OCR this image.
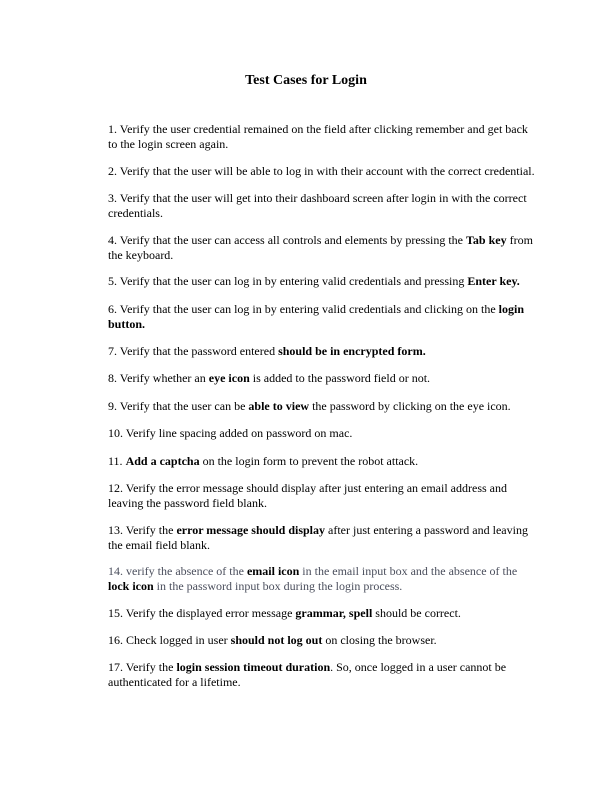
Test Cases for Login
1. Verify the user credential remained on the field after clicking remember and get back to the login screen again.
2. Verify that the user will be able to log in with their account with the correct credential.
3. Verify that the user will get into their dashboard screen after login in with the correct credentials.
4. Verify that the user can access all controls and elements by pressing the Tab key from the keyboard.
5. Verify that the user can log in by entering valid credentials and pressing Enter key.
6. Verify that the user can log in by entering valid credentials and clicking on the login button.
7. Verify that the password entered should be in encrypted form.
8. Verify whether an eye icon is added to the password field or not.
9. Verify that the user can be able to view the password by clicking on the eye icon.
10. Verify line spacing added on password on mac.
11. Add a captcha on the login form to prevent the robot attack.
12. Verify the error message should display after just entering an email address and leaving the password field blank.
13. Verify the error message should display after just entering a password and leaving the email field blank.
14. verify the absence of the email icon in the email input box and the absence of the lock icon in the password input box during the login process.
15. Verify the displayed error message grammar, spell should be correct.
16. Check logged in user should not log out on closing the browser.
17. Verify the login session timeout duration. So, once logged in a user cannot be authenticated for a lifetime.
